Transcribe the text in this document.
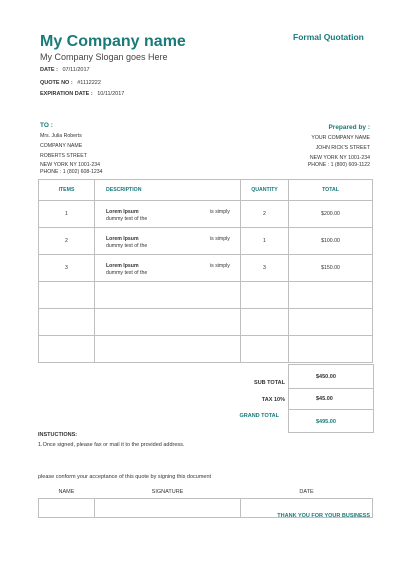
My Company name
My Company Slogan goes Here
Formal Quotation
DATE : 07/11/2017
QUOTE NO : #1112222
EXPIRATION DATE : 10/11/2017
TO :
Mrs. Julia Roberts
COMPANY NAME
ROBERTS STREET
NEW YORK NY 1001-234
PHONE : 1 (802) 608-1234
Prepared by :
YOUR COMPANY NAME
JOHN RICK'S STREET
NEW YORK NY 1001-234
PHONE : 1 (800) 609-1122
ITEMS	DESCRIPTION	QUANTITY	TOTAL
1	Lorem Ipsum
dummy text of the
is simply	2	$200.00
2	Lorem Ipsum
dummy text of the
is simply	1	$100.00
3	Lorem Ipsum
dummy text of the
is simply	3	$150.00

SUB TOTAL
$450.00
TAX 10%	$45.00
GRAND TOTAL
$495.00
INSTUCTIONS:
1.Once signed, please fax or mail it to the provided address.
please conform your acceptance of this quote by signing this document
NAME	SIGNATURE	DATE

THANK YOU FOR YOUR BUSINESS
